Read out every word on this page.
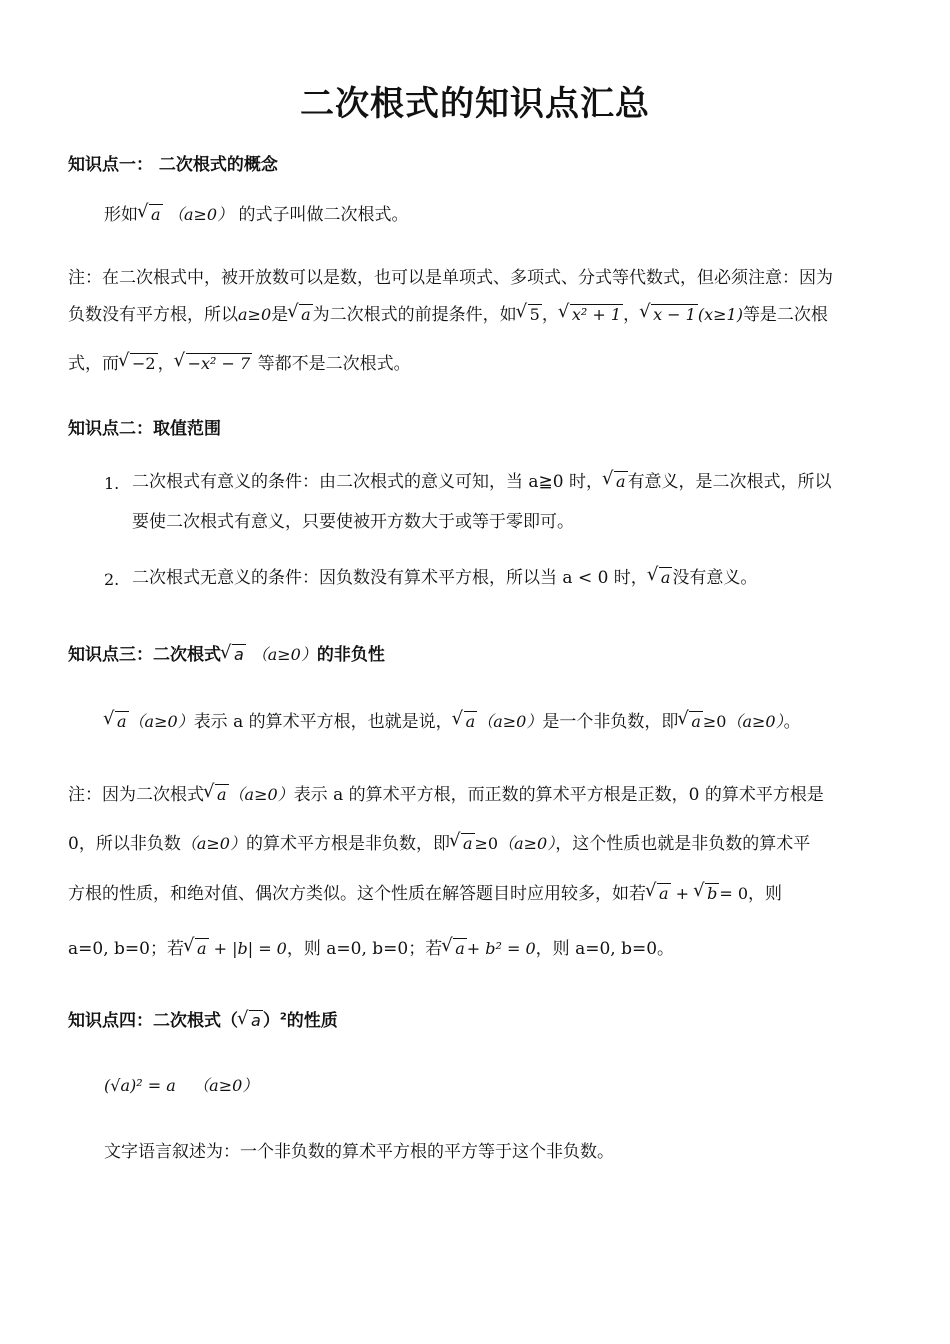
二次根式的知识点汇总
知识点一： 二次根式的概念
形如 √ a （a≥0） 的式子叫做二次根式。
注：在二次根式中，被开放数可以是数，也可以是单项式、多项式、分式等代数式，但必须注意：因为
负数没有平方根，所以a≥0是 √ a 为二次根式的前提条件，如 √ 5 ， √ x² + 1 ， √ x − 1 (x≥1)等是二次根
式，而 √ −2 ， √ −x² − 7 等都不是二次根式。
知识点二：取值范围
1. 二次根式有意义的条件：由二次根式的意义可知，当 a≧0 时， √ a 有意义，是二次根式，所以
要使二次根式有意义，只要使被开方数大于或等于零即可。
2. 二次根式无意义的条件：因负数没有算术平方根，所以当 a < 0 时， √ a 没有意义。
知识点三：二次根式 √ a （a≥0）的非负性
√ a （a≥0）表示 a 的算术平方根，也就是说， √ a （a≥0）是一个非负数，即 √ a ≥0（a≥0）。
注：因为二次根式 √ a （a≥0）表示 a 的算术平方根，而正数的算术平方根是正数，0 的算术平方根是
0，所以非负数（a≥0）的算术平方根是非负数，即 √ a ≥0（a≥0），这个性质也就是非负数的算术平
方根的性质，和绝对值、偶次方类似。这个性质在解答题目时应用较多，如若 √ a + √ b = 0，则
a=0, b=0；若 √ a + |b| = 0，则 a=0, b=0；若 √ a + b² = 0，则 a=0, b=0。
知识点四：二次根式（ √ a ）$^2$的性质
(√a)² = a （a≥0）
文字语言叙述为：一个非负数的算术平方根的平方等于这个非负数。
